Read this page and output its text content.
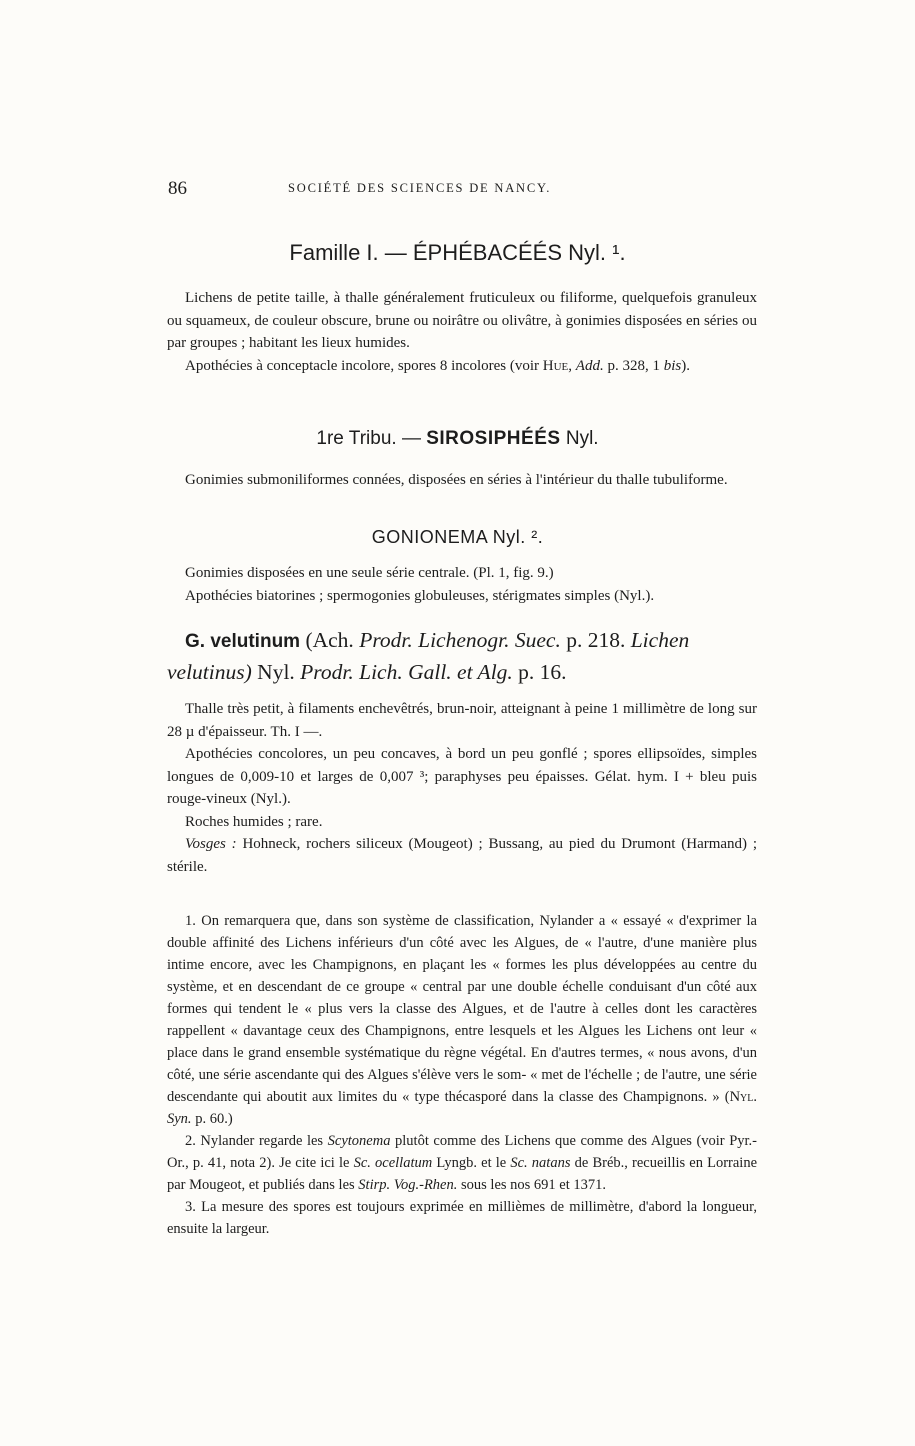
86	SOCIÉTÉ DES SCIENCES DE NANCY.
Famille I. — ÉPHÉBACÉÉS Nyl. ¹.
Lichens de petite taille, à thalle généralement fruticuleux ou filiforme, quelquefois granuleux ou squameux, de couleur obscure, brune ou noirâtre ou olivâtre, à gonimies disposées en séries ou par groupes ; habitant les lieux humides.
Apothécies à conceptacle incolore, spores 8 incolores (voir Hue, Add. p. 328, 1 bis).
1re Tribu. — SIROSIPHÉÉS Nyl.
Gonimies submoniliformes connées, disposées en séries à l'intérieur du thalle tubuliforme.
GONIONEMA Nyl. ².
Gonimies disposées en une seule série centrale. (Pl. 1, fig. 9.)
Apothécies biatorines ; spermogonies globuleuses, stérigmates simples (Nyl.).
G. velutinum (Ach. Prodr. Lichenogr. Suec. p. 218. Lichen velutinus) Nyl. Prodr. Lich. Gall. et Alg. p. 16.
Thalle très petit, à filaments enchevêtrés, brun-noir, atteignant à peine 1 millimètre de long sur 28 µ d'épaisseur. Th. I —.
Apothécies concolores, un peu concaves, à bord un peu gonflé ; spores ellipsoïdes, simples longues de 0,009-10 et larges de 0,007 ³; paraphyses peu épaisses. Gélat. hym. I + bleu puis rouge-vineux (Nyl.).
Roches humides ; rare.
Vosges : Hohneck, rochers siliceux (Mougeot) ; Bussang, au pied du Drumont (Harmand) ; stérile.
1. On remarquera que, dans son système de classification, Nylander a « essayé « d'exprimer la double affinité des Lichens inférieurs d'un côté avec les Algues, de « l'autre, d'une manière plus intime encore, avec les Champignons, en plaçant les « formes les plus développées au centre du système, et en descendant de ce groupe « central par une double échelle conduisant d'un côté aux formes qui tendent le « plus vers la classe des Algues, et de l'autre à celles dont les caractères rappellent « davantage ceux des Champignons, entre lesquels et les Algues les Lichens ont leur « place dans le grand ensemble systématique du règne végétal. En d'autres termes, « nous avons, d'un côté, une série ascendante qui des Algues s'élève vers le som- « met de l'échelle ; de l'autre, une série descendante qui aboutit aux limites du « type thécasporé dans la classe des Champignons. » (Nyl. Syn. p. 60.)
2. Nylander regarde les Scytonema plutôt comme des Lichens que comme des Algues (voir Pyr.-Or., p. 41, nota 2). Je cite ici le Sc. ocellatum Lyngb. et le Sc. natans de Bréb., recueillis en Lorraine par Mougeot, et publiés dans les Stirp. Vog.-Rhen. sous les nos 691 et 1371.
3. La mesure des spores est toujours exprimée en millièmes de millimètre, d'abord la longueur, ensuite la largeur.
